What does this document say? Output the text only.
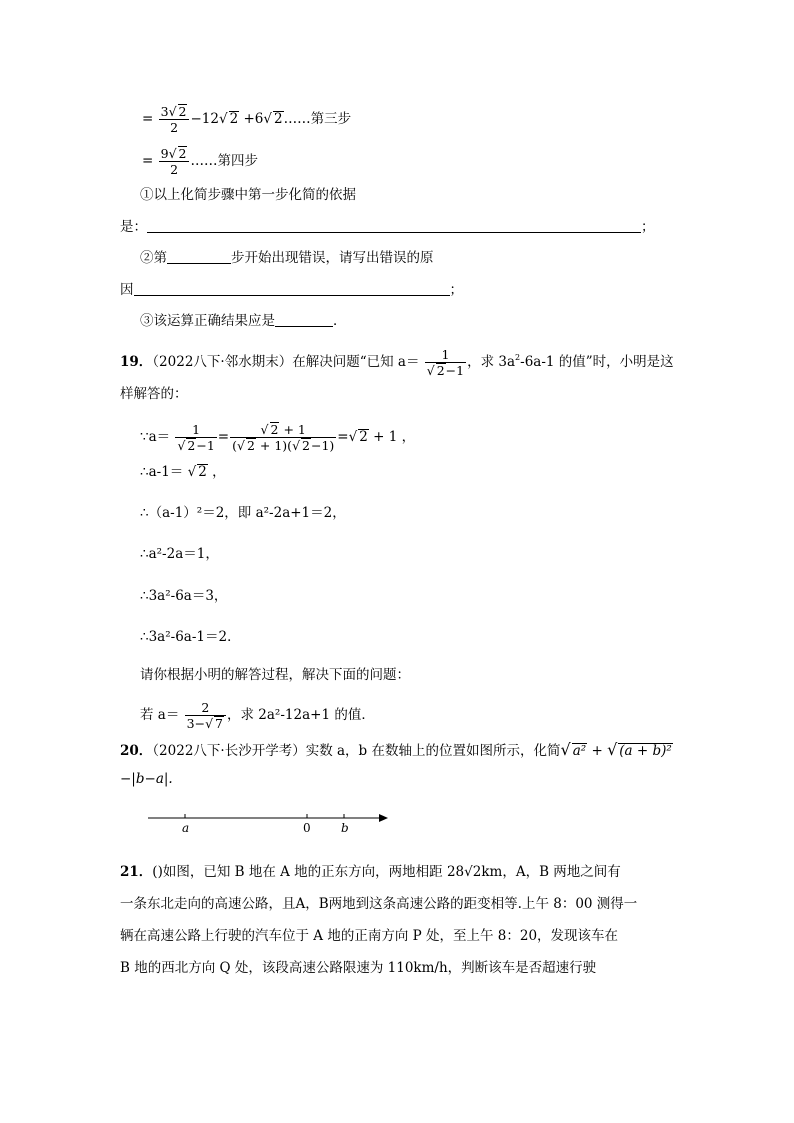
= $\frac{3√ 2}{2} -12√$ 2 +6√ 2……第三步
= $\frac{9√ 2}{2}$ ……第四步
①以上化简步骤中第一步化简的依据
是：	；
②第	步开始出现错误，请写出错误的原
因	；
③该运算正确结果应是	．
19．（2022八下·邻水期末）在解决问题“已知 a＝ 1
√ 2−1 ，求 $3a^2-6a-1$ 的值”时，小明是这
样解答的：
∵a＝ 1
√ 2−1 =
√ $\frac{2 + 1}{(√ 2 + 1)(√ 2-1)}$ =√ 2 + 1 ，
∴a-1＝ √ 2 ，
∴（a-1）²＝2，即 a²-2a+1＝2，
∴a²-2a＝1，
∴3a²-6a＝3，
∴3a²-6a-1＝2．
请你根据小明的解答过程，解决下面的问题：
若 $a= \frac{2}{3-√ 7}$ ，求 2a²-12a+1 的值．
20．（2022八下·长沙开学考）实数 a，b 在数轴上的位置如图所示，化简√ a² + √ (a + b)²
−|b−a|.
a	0	b
21．()如图，已知 B 地在 A 地的正东方向，两地相距 28√2km，A，B 两地之间有
一条东北走向的高速公路，且A，B两地到这条高速公路的距变相等.上午 8：00 测得一
辆在高速公路上行驶的汽车位于 A 地的正南方向 P 处，至上午 8：20，发现该车在
B 地的西北方向 Q 处，该段高速公路限速为 110km/h，判断该车是否超速行驶
